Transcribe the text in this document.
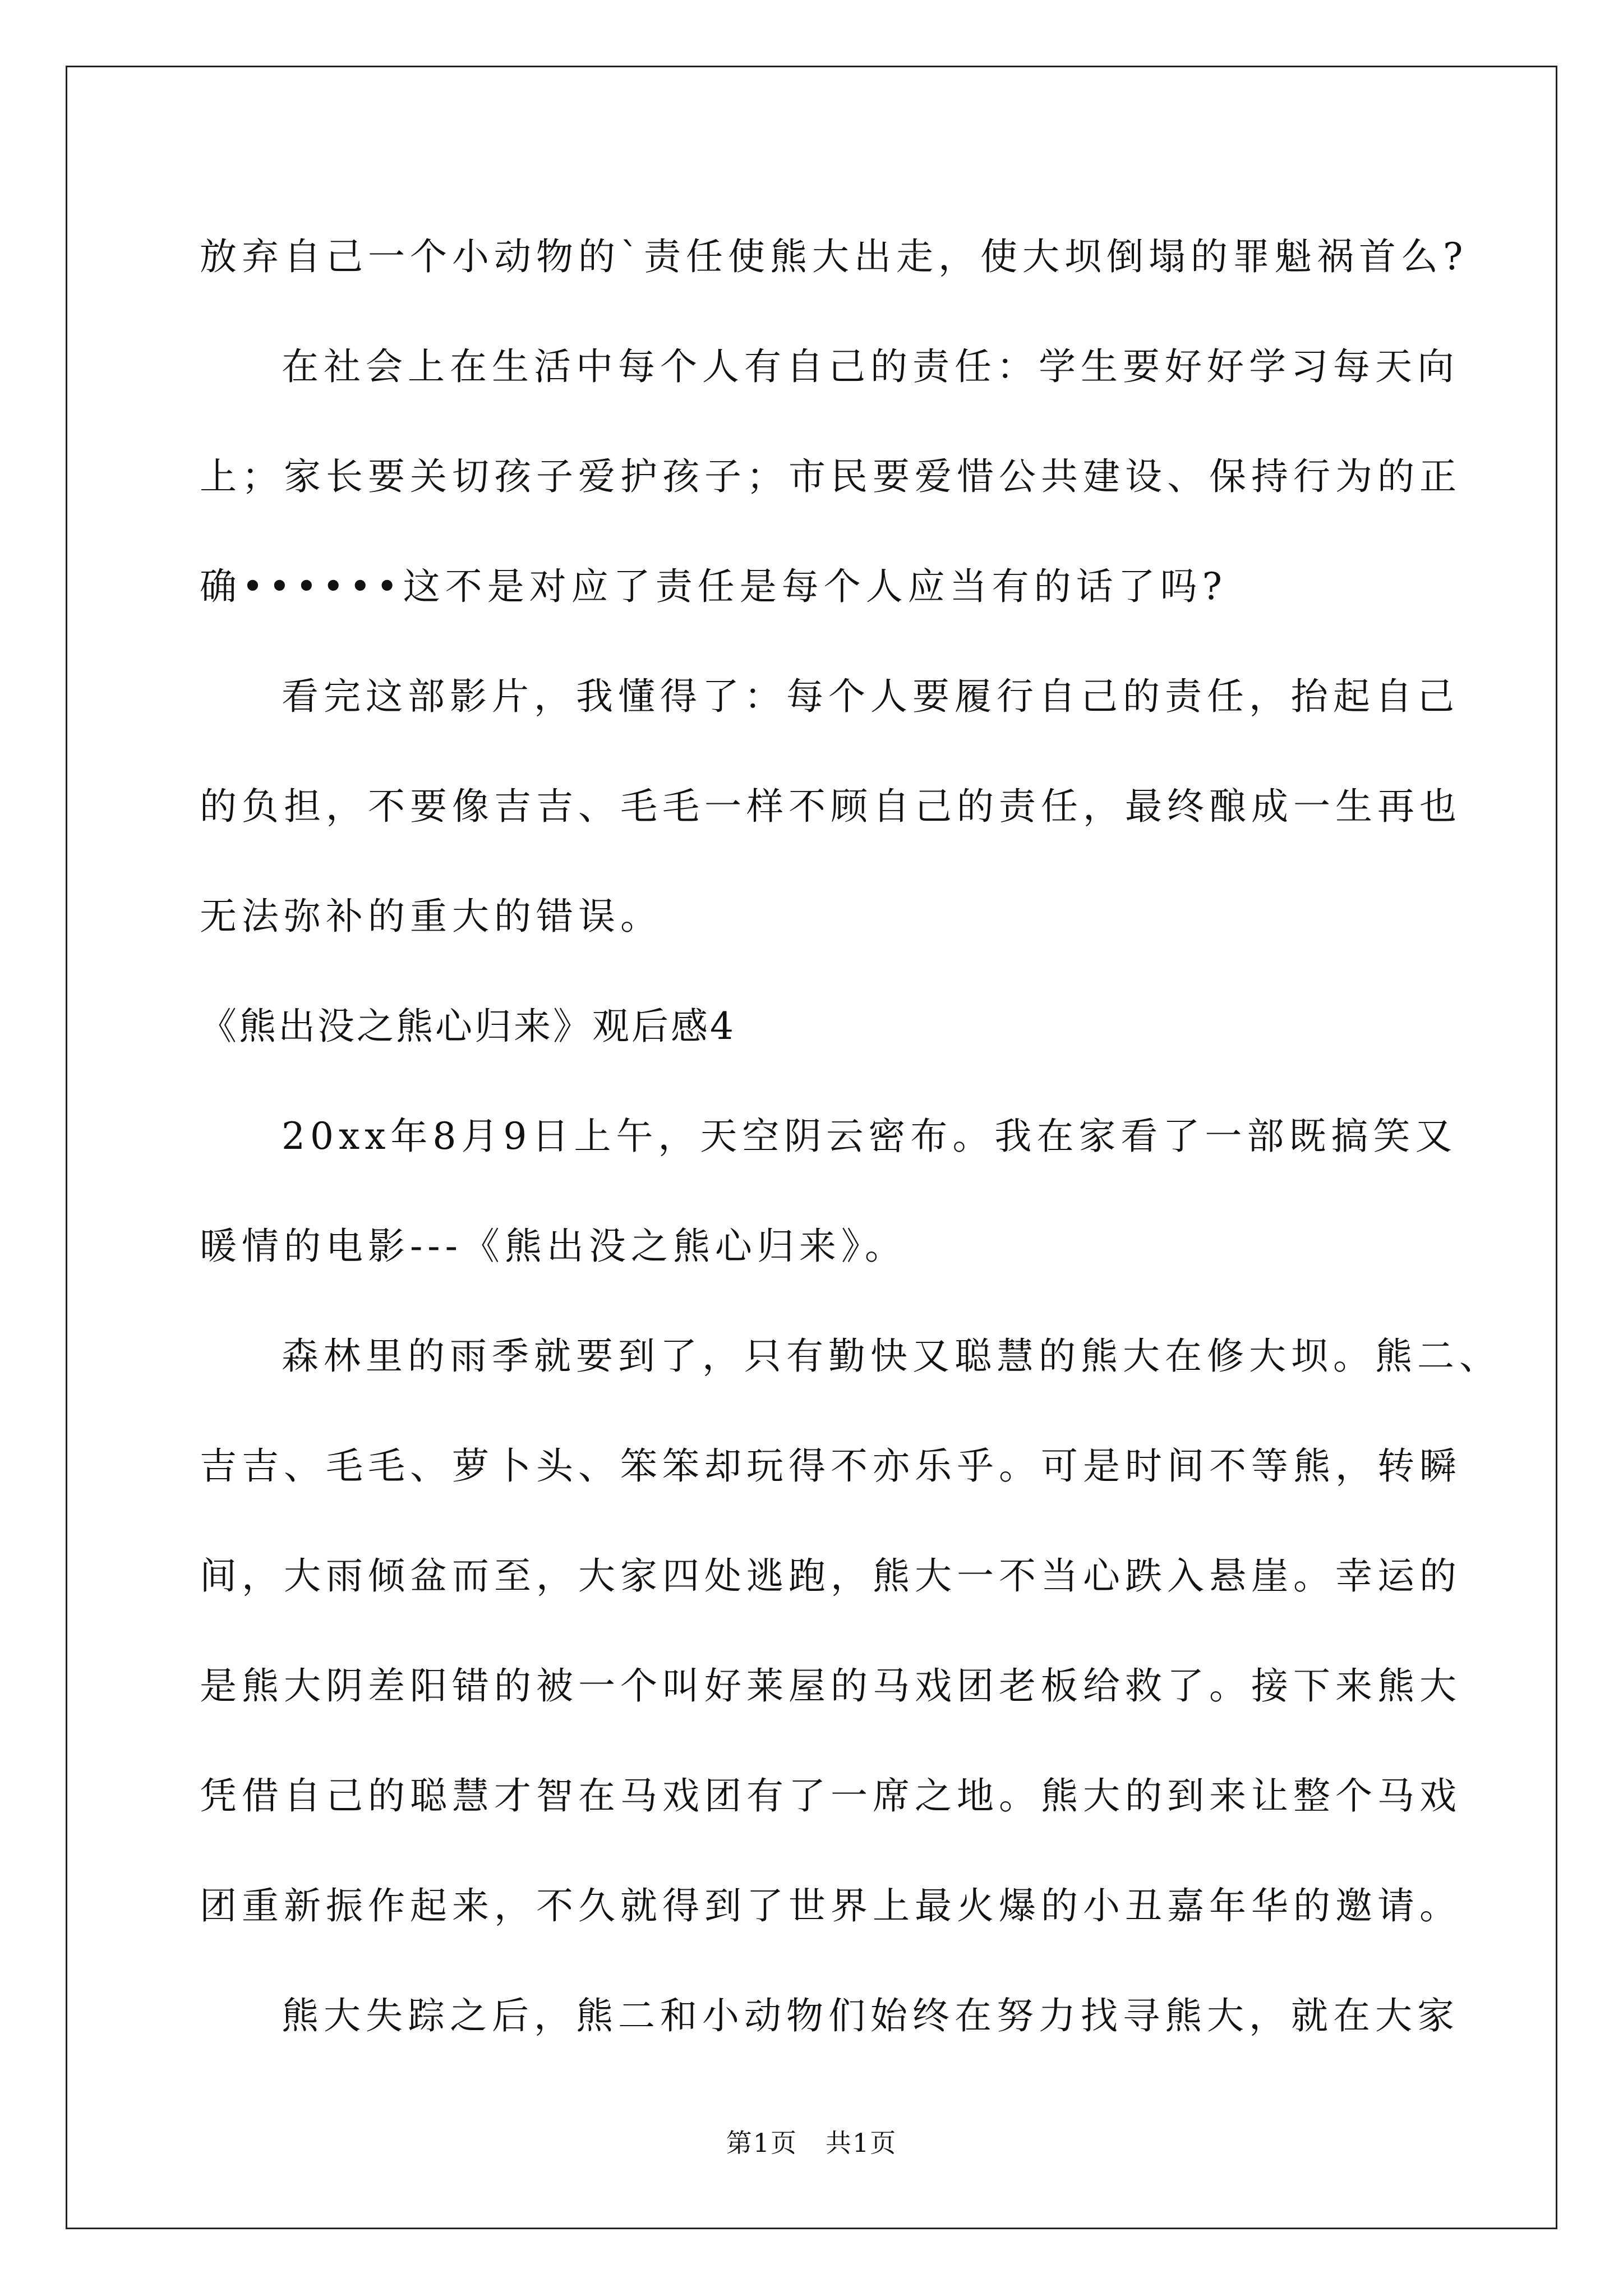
放弃自己一个小动物的`责任使熊大出走，使大坝倒塌的罪魁祸首么?
在社会上在生活中每个人有自己的责任：学生要好好学习每天向
上；家长要关切孩子爱护孩子；市民要爱惜公共建设、保持行为的正
确••••••这不是对应了责任是每个人应当有的话了吗?
看完这部影片，我懂得了：每个人要履行自己的责任，抬起自己
的负担，不要像吉吉、毛毛一样不顾自己的责任，最终酿成一生再也
无法弥补的重大的错误。
《熊出没之熊心归来》观后感4
20xx年8月9日上午，天空阴云密布。我在家看了一部既搞笑又
暖情的电影---《熊出没之熊心归来》。
森林里的雨季就要到了，只有勤快又聪慧的熊大在修大坝。熊二、
吉吉、毛毛、萝卜头、笨笨却玩得不亦乐乎。可是时间不等熊，转瞬
间，大雨倾盆而至，大家四处逃跑，熊大一不当心跌入悬崖。幸运的
是熊大阴差阳错的被一个叫好莱屋的马戏团老板给救了。接下来熊大
凭借自己的聪慧才智在马戏团有了一席之地。熊大的到来让整个马戏
团重新振作起来，不久就得到了世界上最火爆的小丑嘉年华的邀请。
熊大失踪之后，熊二和小动物们始终在努力找寻熊大，就在大家
第1页 共1页
